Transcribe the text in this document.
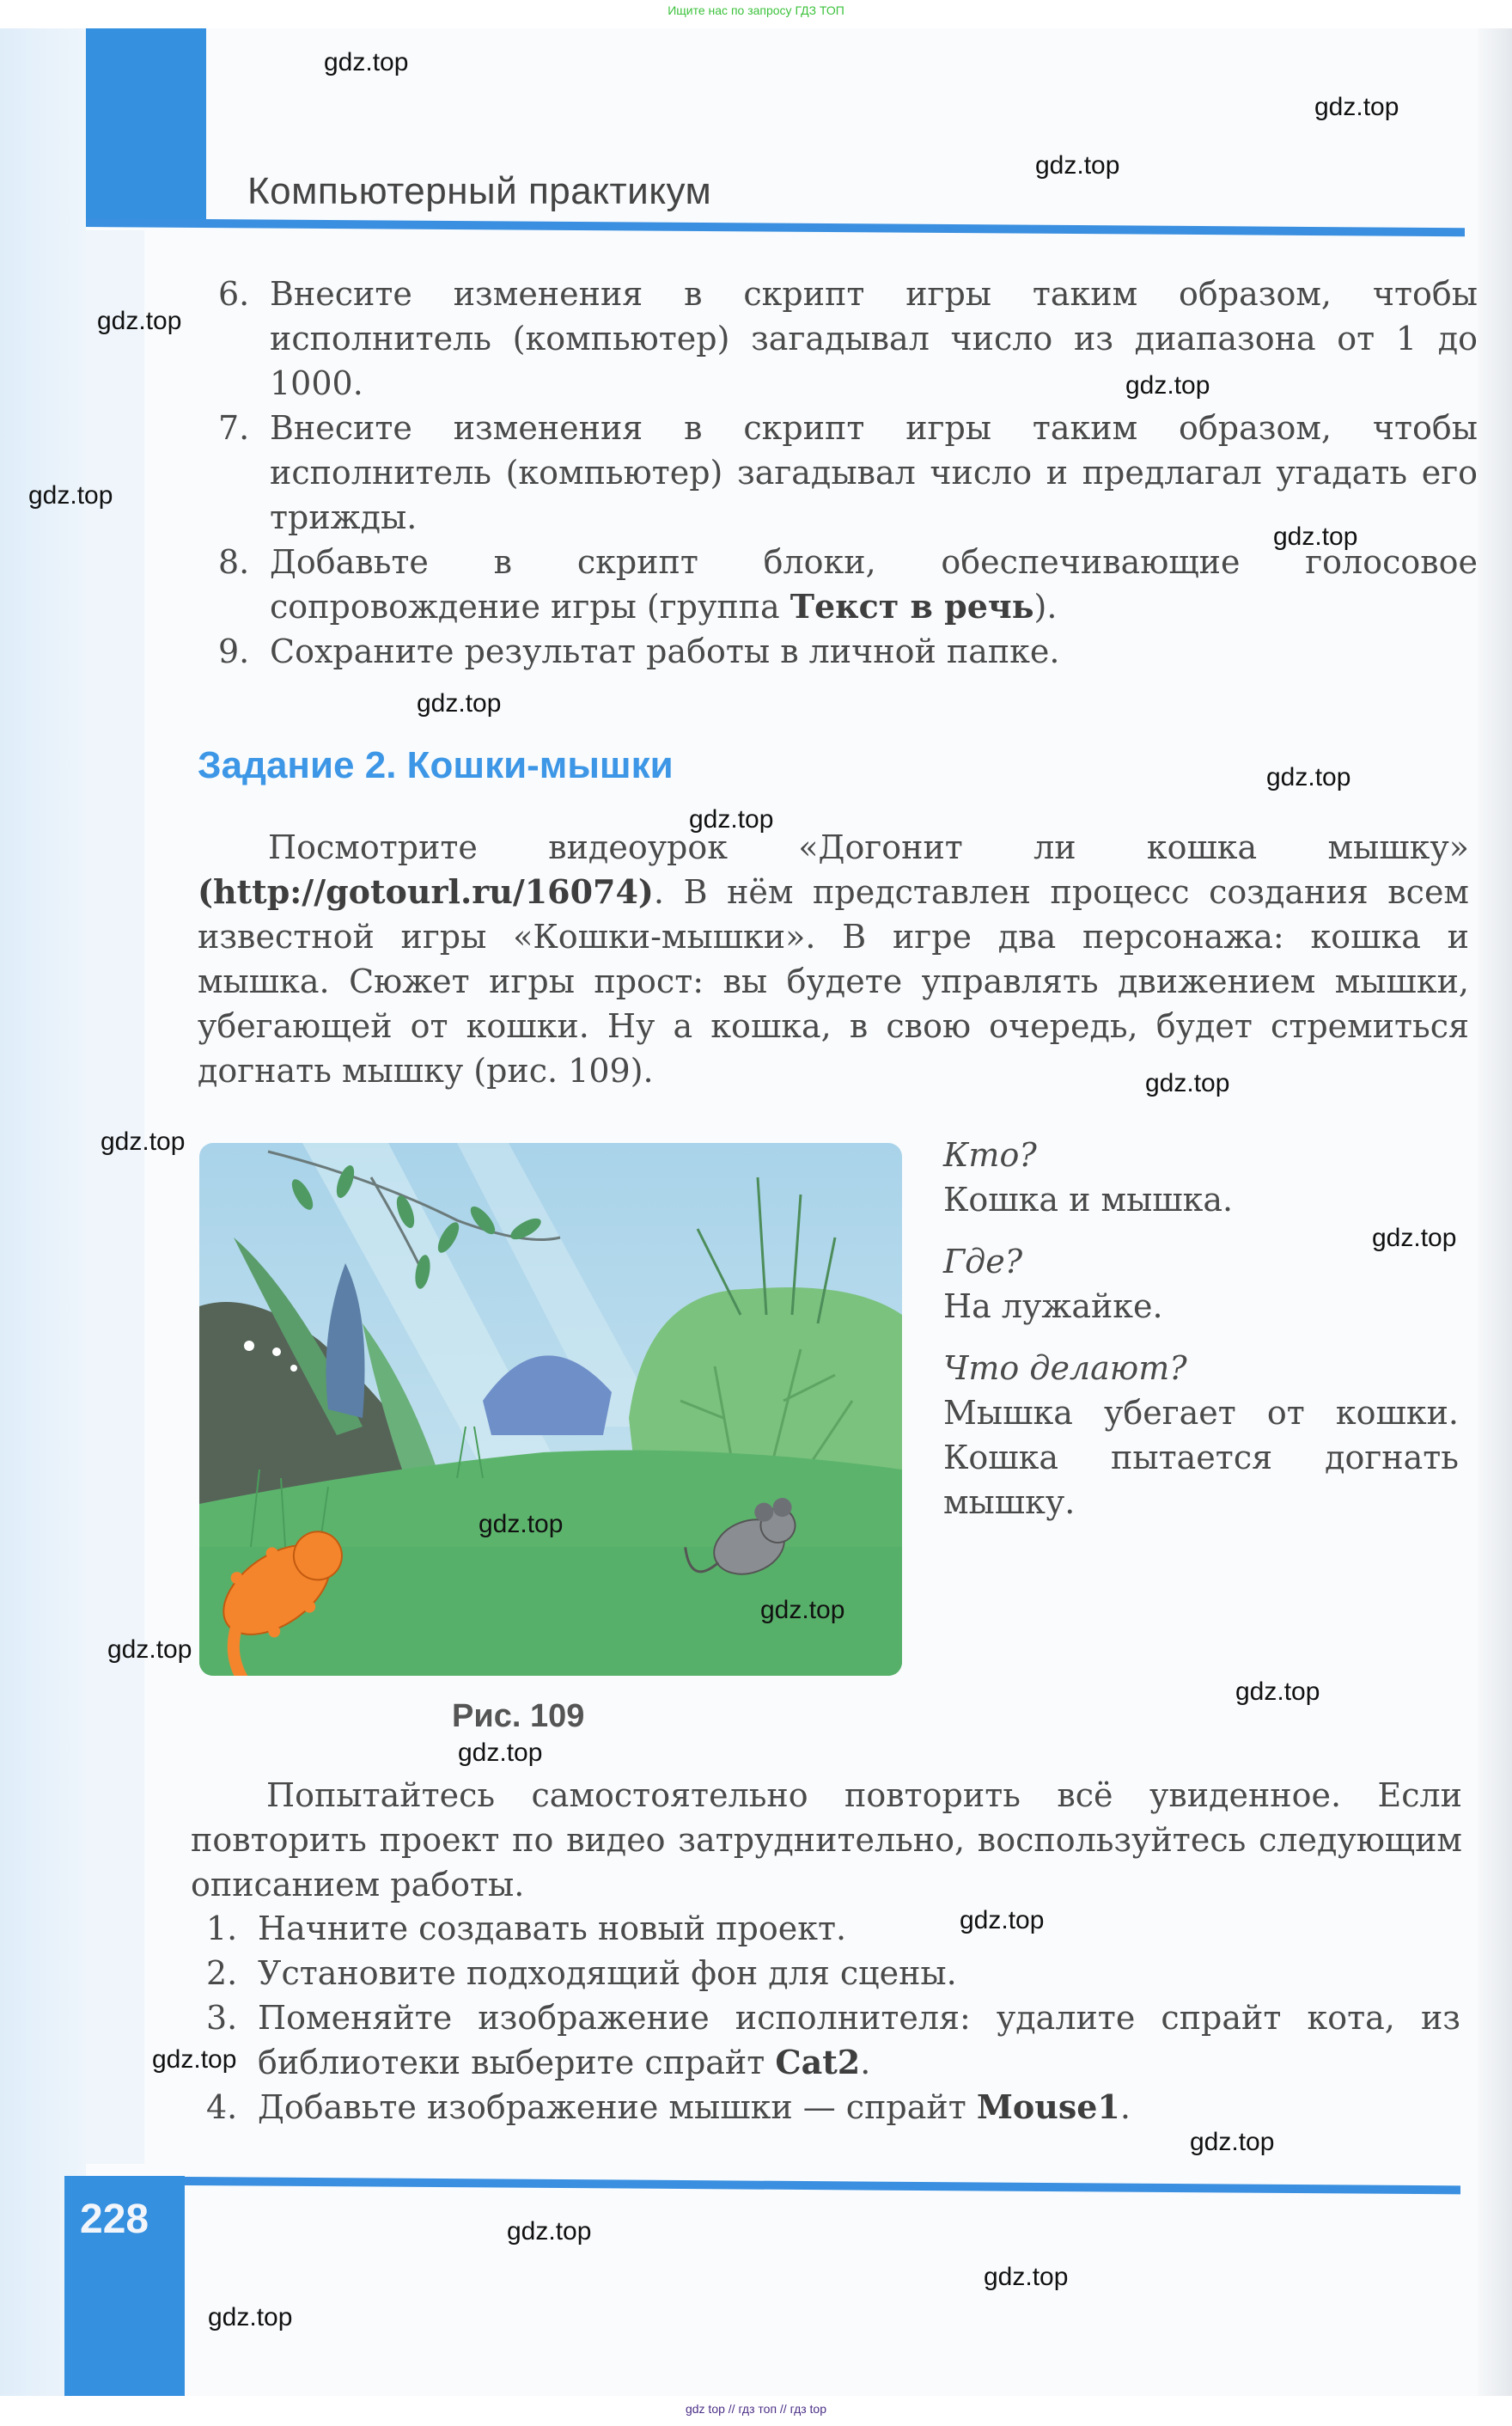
Ищите нас по запросу ГДЗ ТОП
Компьютерный практикум
6. Внесите изменения в скрипт игры таким образом, чтобы исполнитель (компьютер) загадывал число из диапазона от 1 до 1000.
7. Внесите изменения в скрипт игры таким образом, чтобы исполнитель (компьютер) загадывал число и предлагал угадать его трижды.
8. Добавьте в скрипт блоки, обеспечивающие голосовое сопровождение игры (группа Текст в речь).
9. Сохраните результат работы в личной папке.
Задание 2. Кошки-мышки
Посмотрите видеоурок «Догонит ли кошка мышку» (http://gotourl.ru/16074). В нём представлен процесс создания всем известной игры «Кошки-мышки». В игре два персонажа: кошка и мышка. Сюжет игры прост: вы будете управлять движением мышки, убегающей от кошки. Ну а кошка, в свою очередь, будет стремиться догнать мышку (рис. 109).
Рис. 109
Кто?
Кошка и мышка.
Где?
На лужайке.
Что делают?
Мышка убегает от кошки. Кошка пытается догнать мышку.
Попытайтесь самостоятельно повторить всё увиденное. Если повторить проект по видео затруднительно, воспользуйтесь следующим описанием работы.
1. Начните создавать новый проект.
2. Установите подходящий фон для сцены.
3. Поменяйте изображение исполнителя: удалите спрайт кота, из библиотеки выберите спрайт Cat2.
4. Добавьте изображение мышки — спрайт Mouse1.
228
gdz.top
gdz.top
gdz.top
gdz.top
gdz.top
gdz.top
gdz.top
gdz.top
gdz.top
gdz.top
gdz.top
gdz.top
gdz.top
gdz.top
gdz.top
gdz.top
gdz.top
gdz.top
gdz.top
gdz.top
gdz.top
gdz.top
gdz.top
gdz.top
gdz top // гдз топ // гдз top
